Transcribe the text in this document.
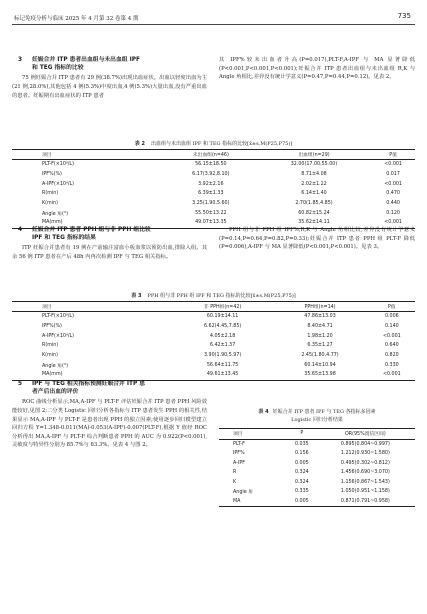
标记免疫分析与临床 2025 年 4 月第 32 卷第 4 期	735
3 妊娠合并 ITP 患者出血组与未出血组 IPF
和 TEG 指标的比较

75 例妊娠合并 ITP 患者有 29 例(38.7%)出现出血症状。出血以轻度出血为主(21 例,28.0%),其他包括 4 例(5.3%)中度出血,4 例(5.3%)大量出血,没有严重出血的患者。妊娠期有出血症状的 ITP 患者

其 IPF%较未出血者升高(P=0.017),PLT-F,A-IPF 与 MA 显著降低(P<0.001,P<0.001,P<0.001);妊娠合并 ITP 患者出血组与未出血组 R,K 与 Angle 角相比,差异没有统计学意义(P=0.47,P=0.44,P=0.12)。见表 2。

表 2 出血组与未出血组 IPF 和 TEG 指标的比较[x̄±s,M(P25,P75)]
项目	未出血组(n=46)	出血组(n=29)	P值
PLT-F(×10⁹/L)	56.15±18.50	32.00(17.00,55.00)	<0.001
IPF%(%)	6.17(3.92,8.10)	8.71±4.08	0.017
A-IPF(×10⁹/L)	3.92±2.16	2.02±1.22	<0.001
R(min)	6.39±1.33	6.14±1.40	0.470
K(min)	3.25(1.90,5.60)	2.70(1.85,4.85)	0.440
Angle 角(°)	55.50±13.22	60.82±15.24	0.120
MA(mm)	49.07±13.35	35.62±14.11	<0.001
4 妊娠合并 ITP 患者 PPH 组与非 PPH 组比较
IPF 和 TEG 指标的结果

ITP 妊娠合并患者有 19 例在产前输注富血小板血浆以预防出血,排除入组。其余 56 例 ITP 患者在产后 48h 内再次检测 IPF 与 TEG 相关指标。

PPH 组与非 PPH 组 IPF%,R,K 与 Angle 角相比较,差异没有统计学意义(P=0.14,P=0.64,P=0.82,P=0.33);妊娠合并 ITP 患者 PPH 组 PLT-F 降低(P=0.006),A-IPF 与 MA 显著降低(P<0.001,P<0.001)。见表 3。

表 3 PPH 组与非 PPH 组 IPF 和 TEG 指标的比较[x̄±s,M(P25,P75)]
项目	非 PPH组(n=42)	PPH组(n=14)	P值
PLT-F(×10⁹/L)	60.19±14.11	47.86±13.03	0.006
IPF%(%)	6.62(4.45,7.85)	8.40±4.71	0.140
A-IPF(×10⁹/L)	4.05±2.18	1.98±1.20	<0.001
R(min)	6.42±1.37	6.35±1.27	0.640
K(min)	3.90(1.90,5.97)	2.45(1.80,4.77)	0.820
Angle 角(°)	56.64±11.75	60.14±10.94	0.330
MA(mm)	49.61±13.45	35.65±13.98	<0.001
5 IPF 与 TEG 相关指标预测妊娠合并 ITP 患
者产后出血的评价

ROC 曲线分析显示,MA,A-IPF 与 PLT-F 评估妊娠合并 ITP 患者 PPH 风险效能较好,见图 2;二分类 Logistic 回归分析各指标与 ITP 患者发生 PPH 的相关性,结果显示 MA,A-IPF 与 PLT-F 是患者出现 PPH 的独立因素;使用逐步回归模型建立回归方程 Y=1.348-0.011(MA)-0.053(A-IPF)-0.007(PLT-F),根据 Y 值经 ROC 分析得出 MA,A-IPF 与 PLT-F 综合判断患者 PPH 的 AUC 为 0.922(P<0.001),灵敏度与特异性分别为 85.7%与 83.3%。见表 4 与图 2。

表 4 妊娠合并 ITP 患者 IPF 与 TEG 各指标多因素
Logistic 回归分析结果
项目	P	OR(95%置信区间)
PLT-F	0.035	0.895(0.804~0.997)
IPF%	0.156	1.212(0.930~1.580)
A-IPF	0.005	0.495(0.302~0.812)
R	0.324	1.456(0.690~3.070)
K	0.324	1.156(0.867~1.543)
Angle 角	0.335	1.050(0.951~1.158)
MA	0.005	0.871(0.791~0.958)
